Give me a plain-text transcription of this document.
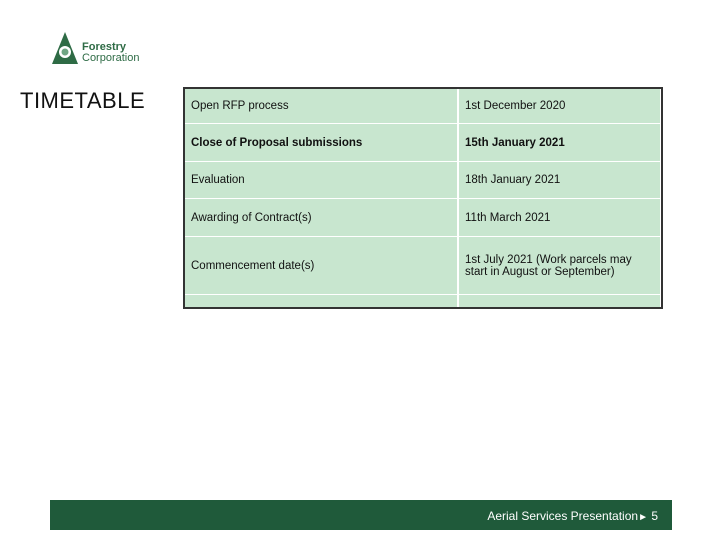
Forestry
Corporation
TIMETABLE	Open RFP process	1st December 2020
Close of Proposal submissions	15th January 2021
Evaluation	18th January 2021
Awarding of Contract(s)	11th March 2021
Commencement date(s)	1st July 2021 (Work parcels may start in August or September)

Aerial Services Presentation► 5
